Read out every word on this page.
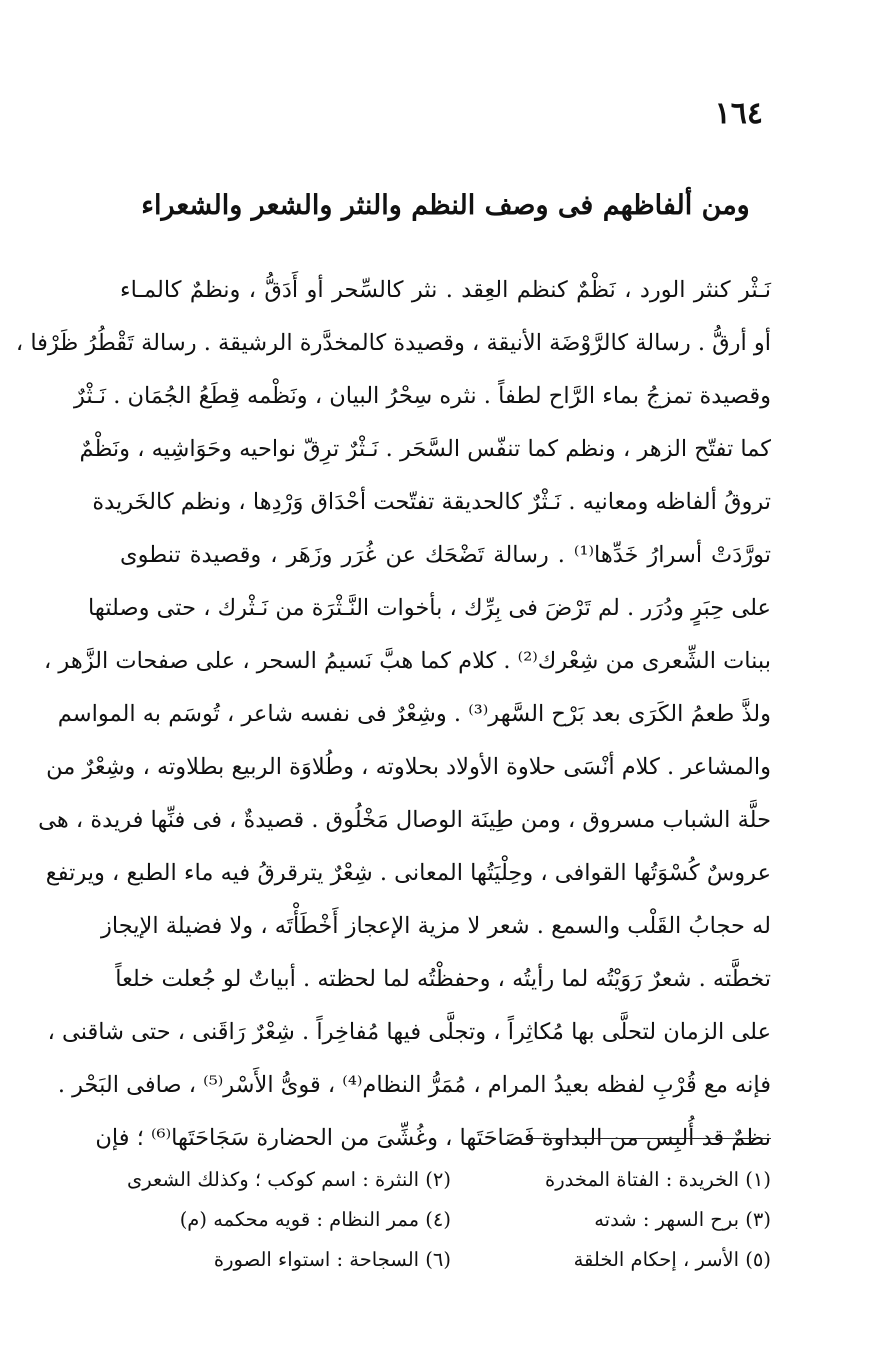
١٦٤
ومن ألفاظهم فى وصف النظم والنثر والشعر والشعراء
نَـثْر كنثر الورد ، نَظْمٌ كنظم العِقد . نثر كالسِّحر أو أَدَقُّ ، ونظمٌ كالمـاء
أو أرقُّ . رسالة كالرَّوْضَة الأنيقة ، وقصيدة كالمخدَّرة الرشيقة . رسالة تَقْطُرُ ظَرْفا ،
وقصيدة تمزجُ بماء الرَّاح لطفاً . نثره سِحْرُ البيان ، ونَظْمه قِطَعُ الجُمَان . نَـثْرٌ
كما تفتّح الزهر ، ونظم كما تنفّس السَّحَر . نَـثْرٌ ترِقّ نواحيه وحَوَاشِيه ، ونَظْمٌ
تروقُ ألفاظه ومعانيه . نَـثْرٌ كالحديقة تفتّحت أحْدَاق وَرْدِها ، ونظم كالخَريدة
تورَّدَتْ أسرارُ خَدِّها⁽¹⁾ . رسالة تَضْحَك عن غُرَر وزَهَر ، وقصيدة تنطوى
على حِبَرٍ ودُرَر . لم تَرْضَ فى بِرِّك ، بأخوات النَّـثْرَة من نَـثْرك ، حتى وصلتها
ببنات الشِّعرى من شِعْرك⁽²⁾ . كلام كما هبَّ نَسيمُ السحر ، على صفحات الزَّهر ،
ولذَّ طعمُ الكَرَى بعد بَرْح السَّهر⁽³⁾ . وشِعْرٌ فى نفسه شاعر ، تُوسَم به المواسم
والمشاعر . كلام أنْسَى حلاوة الأولاد بحلاوته ، وطُلاوَة الربيع بطلاوته ، وشِعْرٌ من
حلَّة الشباب مسروق ، ومن طِينَة الوصال مَخْلُوق . قصيدةٌ ، فى فنِّها فريدة ، هى
عروسٌ كُسْوَتُها القوافى ، وحِلْيَتُها المعانى . شِعْرٌ يترقرقُ فيه ماء الطبع ، ويرتفع
له حجابُ القَلْب والسمع . شعر لا مزية الإعجاز أَخْطَأْتَه ، ولا فضيلة الإيجاز
تخطَّته . شعرٌ رَوَيْتُه لما رأيتُه ، وحفظْتُه لما لحظته . أبياتٌ لو جُعلت خلعاً
على الزمان لتحلَّى بها مُكاثِراً ، وتجلَّى فيها مُفاخِراً . شِعْرٌ رَاقَنى ، حتى شاقنى ،
فإنه مع قُرْبِ لفظه بعيدُ المرام ، مُمَرُّ النظام⁽⁴⁾ ، قوىُّ الأَسْر⁽⁵⁾ ، صافى البَحْر .
نظمٌ قد أُلبِس من البداوة فَصَاحَتَها ، وغُشِّىَ من الحضارة سَجَاحَتَها⁽⁶⁾ ؛ فإن
(١) الخريدة : الفتاة المخدرة
(٢) النثرة : اسم كوكب ؛ وكذلك الشعرى
(٣) برح السهر : شدته
(٤) ممر النظام : قويه محكمه (م)
(٥) الأسر ، إحكام الخلقة
(٦) السجاحة : استواء الصورة
